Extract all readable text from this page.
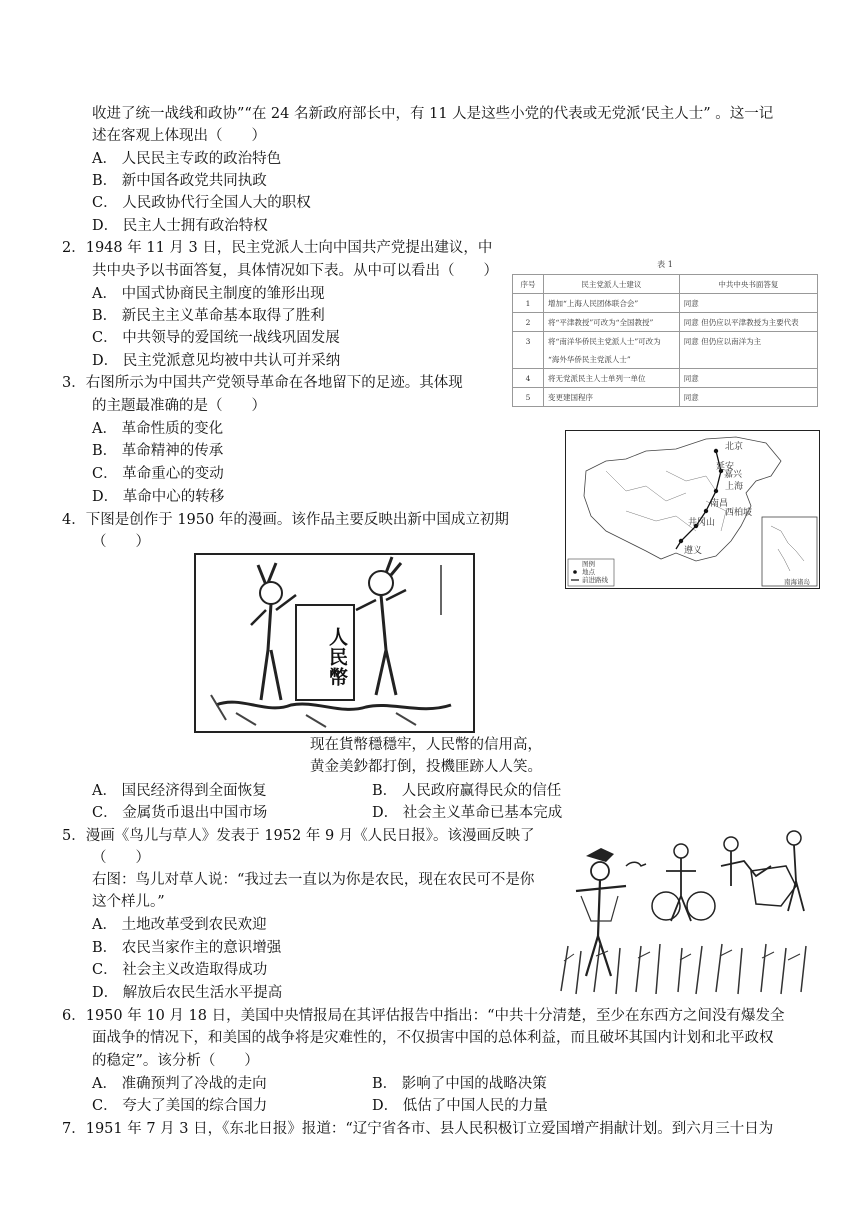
收进了统一战线和政协”“在 24 名新政府部长中，有 11 人是这些小党的代表或无党派‘民主人士” 。这一记
述在客观上体现出（　　）
A． 人民民主专政的政治特色
B． 新中国各政党共同执政
C． 人民政协代行全国人大的职权
D． 民主人士拥有政治特权
2．1948 年 11 月 3 日，民主党派人士向中国共产党提出建议，中
共中央予以书面答复，具体情况如下表。从中可以看出（　　）
A． 中国式协商民主制度的雏形出现
B． 新民主主义革命基本取得了胜利
C． 中共领导的爱国统一战线巩固发展
D． 民主党派意见均被中共认可并采纳
表 1
序号	民主党派人士建议	中共中央书面答复
1	增加“上海人民团体联合会”	同意
2	将“平津教授”可改为“全国教授”	同意 但仍应以平津教授为主要代表
3	将“南洋华侨民主党派人士”可改为	同意 但仍应以南洋为主
	“海外华侨民主党派人士”	
4	将无党派民主人士单列一单位	同意
5	变更建国程序	同意
3．右图所示为中国共产党领导革命在各地留下的足迹。其体现
的主题最准确的是（　　）
A． 革命性质的变化
B． 革命精神的传承
C． 革命重心的变动
D． 革命中心的转移
上海
嘉兴
南昌
井冈山
遵义
延安
西柏坡
北京
图例
地点
前进路线	南海诸岛
4．下图是创作于 1950 年的漫画。该作品主要反映出新中国成立初期
（　　）
人民幣
现在貨幣穩穩牢，人民幣的信用高，
黄金美鈔都打倒，投機匪跡人人笑。
A． 国民经济得到全面恢复	B． 人民政府赢得民众的信任
C． 金属货币退出中国市场	D． 社会主义革命已基本完成
5．漫画《鸟儿与草人》发表于 1952 年 9 月《人民日报》。该漫画反映了
（　　）
右图：鸟儿对草人说：“我过去一直以为你是农民，现在农民可不是你
这个样儿。”
A． 土地改革受到农民欢迎
B． 农民当家作主的意识增强
C． 社会主义改造取得成功
D． 解放后农民生活水平提高
6．1950 年 10 月 18 日，美国中央情报局在其评估报告中指出：“中共十分清楚，至少在东西方之间没有爆发全
面战争的情况下，和美国的战争将是灾难性的，不仅损害中国的总体利益，而且破坏其国内计划和北平政权
的稳定”。该分析（　　）
A． 准确预判了冷战的走向	B． 影响了中国的战略决策
C． 夸大了美国的综合国力	D． 低估了中国人民的力量
7．1951 年 7 月 3 日，《东北日报》报道：“辽宁省各市、县人民积极订立爱国增产捐献计划。到六月三十日为
